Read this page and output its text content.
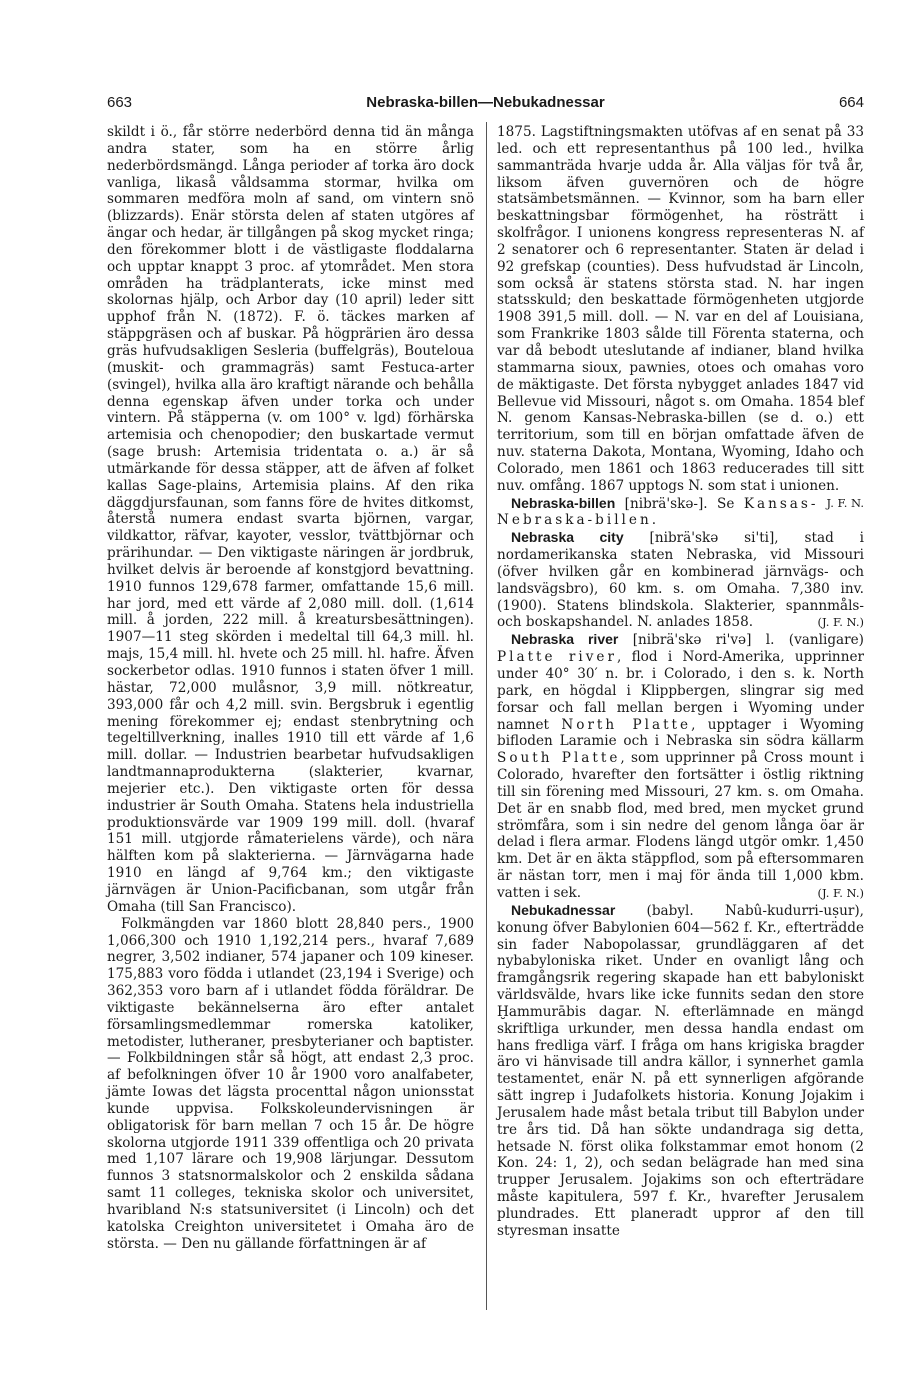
663	Nebraska-billen—Nebukadnessar	664

skildt i ö., får större nederbörd denna tid än många andra stater, som ha en större årlig nederbördsmängd. Långa perioder af torka äro dock vanliga, likaså våldsamma stormar, hvilka om sommaren medföra moln af sand, om vintern snö (blizzards). Enär största delen af staten utgöres af ängar och hedar, är tillgången på skog mycket ringa; den förekommer blott i de västligaste floddalarna och upptar knappt 3 proc. af ytområdet. Men stora områden ha trädplanterats, icke minst med skolornas hjälp, och Arbor day (10 april) leder sitt upphof från N. (1872). F. ö. täckes marken af stäppgräsen och af buskar. På högprärien äro dessa gräs hufvudsakligen Sesleria (buffelgräs), Bouteloua (muskit- och grammagräs) samt Festuca-arter (svingel), hvilka alla äro kraftigt närande och behålla denna egenskap äfven under torka och under vintern. På stäpperna (v. om 100° v. lgd) förhärska artemisia och chenopodier; den buskartade vermut (sage brush: Artemisia tridentata o. a.) är så utmärkande för dessa stäpper, att de äfven af folket kallas Sage-plains, Artemisia plains. Af den rika däggdjursfaunan, som fanns före de hvites ditkomst, återstå numera endast svarta björnen, vargar, vildkattor, räfvar, kayoter, vesslor, tvättbjörnar och prärihundar. — Den viktigaste näringen är jordbruk, hvilket delvis är beroende af konstgjord bevattning. 1910 funnos 129,678 farmer, omfattande 15,6 mill. har jord, med ett värde af 2,080 mill. doll. (1,614 mill. å jorden, 222 mill. å kreatursbesättningen). 1907—11 steg skörden i medeltal till 64,3 mill. hl. majs, 15,4 mill. hl. hvete och 25 mill. hl. hafre. Äfven sockerbetor odlas. 1910 funnos i staten öfver 1 mill. hästar, 72,000 mulåsnor, 3,9 mill. nötkreatur, 393,000 får och 4,2 mill. svin. Bergsbruk i egentlig mening förekommer ej; endast stenbrytning och tegeltillverkning, inalles 1910 till ett värde af 1,6 mill. dollar. — Industrien bearbetar hufvudsakligen landtmannaprodukterna (slakterier, kvarnar, mejerier etc.). Den viktigaste orten för dessa industrier är South Omaha. Statens hela industriella produktionsvärde var 1909 199 mill. doll. (hvaraf 151 mill. utgjorde råmaterielens värde), och nära hälften kom på slakterierna. — Järnvägarna hade 1910 en längd af 9,764 km.; den viktigaste järnvägen är Union-Pacificbanan, som utgår från Omaha (till San Francisco).

Folkmängden var 1860 blott 28,840 pers., 1900 1,066,300 och 1910 1,192,214 pers., hvaraf 7,689 negrer, 3,502 indianer, 574 japaner och 109 kineser. 175,883 voro födda i utlandet (23,194 i Sverige) och 362,353 voro barn af i utlandet födda föräldrar. De viktigaste bekännelserna äro efter antalet församlingsmedlemmar romerska katoliker, metodister, lutheraner, presbyterianer och baptister. — Folkbildningen står så högt, att endast 2,3 proc. af befolkningen öfver 10 år 1900 voro analfabeter, jämte Iowas det lägsta procenttal någon unionsstat kunde uppvisa. Folkskoleundervisningen är obligatorisk för barn mellan 7 och 15 år. De högre skolorna utgjorde 1911 339 offentliga och 20 privata med 1,107 lärare och 19,908 lärjungar. Dessutom funnos 3 statsnormalskolor och 2 enskilda sådana samt 11 colleges, tekniska skolor och universitet, hvaribland N:s statsuniversitet (i Lincoln) och det katolska Creighton universitetet i Omaha äro de största. — Den nu gällande författningen är af

1875. Lagstiftningsmakten utöfvas af en senat på 33 led. och ett representanthus på 100 led., hvilka sammanträda hvarje udda år. Alla väljas för två år, liksom äfven guvernören och de högre statsämbetsmännen. — Kvinnor, som ha barn eller beskattningsbar förmögenhet, ha rösträtt i skolfrågor. I unionens kongress representeras N. af 2 senatorer och 6 representanter. Staten är delad i 92 grefskap (counties). Dess hufvudstad är Lincoln, som också är statens största stad. N. har ingen statsskuld; den beskattade förmögenheten utgjorde 1908 391,5 mill. doll. — N. var en del af Louisiana, som Frankrike 1803 sålde till Förenta staterna, och var då bebodt uteslutande af indianer, bland hvilka stammarna sioux, pawnies, otoes och omahas voro de mäktigaste. Det första nybygget anlades 1847 vid Bellevue vid Missouri, något s. om Omaha. 1854 blef N. genom Kansas-Nebraska-billen (se d. o.) ett territorium, som till en början omfattade äfven de nuv. staterna Dakota, Montana, Wyoming, Idaho och Colorado, men 1861 och 1863 reducerades till sitt nuv. omfång. 1867 upptogs N. som stat i unionen.
J. F. N.

Nebraska-billen [nibrä'skə-]. Se Kansas-Nebraska-billen.

Nebraska city [nibrä'skə si'ti], stad i nordamerikanska staten Nebraska, vid Missouri (öfver hvilken går en kombinerad järnvägs- och landsvägsbro), 60 km. s. om Omaha. 7,380 inv. (1900). Statens blindskola. Slakterier, spannmåls- och boskapshandel. N. anlades 1858.	(J. F. N.)

Nebraska river [nibrä'skə ri'və] l. (vanligare) Platte river, flod i Nord-Amerika, upprinner under 40° 30′ n. br. i Colorado, i den s. k. North park, en högdal i Klippbergen, slingrar sig med forsar och fall mellan bergen i Wyoming under namnet North Platte, upptager i Wyoming bifloden Laramie och i Nebraska sin södra källarm South Platte, som upprinner på Cross mount i Colorado, hvarefter den fortsätter i östlig riktning till sin förening med Missouri, 27 km. s. om Omaha. Det är en snabb flod, med bred, men mycket grund strömfåra, som i sin nedre del genom långa öar är delad i flera armar. Flodens längd utgör omkr. 1,450 km. Det är en äkta stäppflod, som på eftersommaren är nästan torr, men i maj för ända till 1,000 kbm. vatten i sek.	(J. F. N.)

Nebukadnessar (babyl. Nabû-kudurri-uṣur), konung öfver Babylonien 604—562 f. Kr., efterträdde sin fader Nabopolassar, grundläggaren af det nybabyloniska riket. Under en ovanligt lång och framgångsrik regering skapade han ett babyloniskt världsvälde, hvars like icke funnits sedan den store Ḫammurābis dagar. N. efterlämnade en mängd skriftliga urkunder, men dessa handla endast om hans fredliga värf. I fråga om hans krigiska bragder äro vi hänvisade till andra källor, i synnerhet gamla testamentet, enär N. på ett synnerligen afgörande sätt ingrep i Judafolkets historia. Konung Jojakim i Jerusalem hade måst betala tribut till Babylon under tre års tid. Då han sökte undandraga sig detta, hetsade N. först olika folkstammar emot honom (2 Kon. 24: 1, 2), och sedan belägrade han med sina trupper Jerusalem. Jojakims son och efterträdare måste kapitulera, 597 f. Kr., hvarefter Jerusalem plundrades. Ett planeradt uppror af den till styresman insatte
